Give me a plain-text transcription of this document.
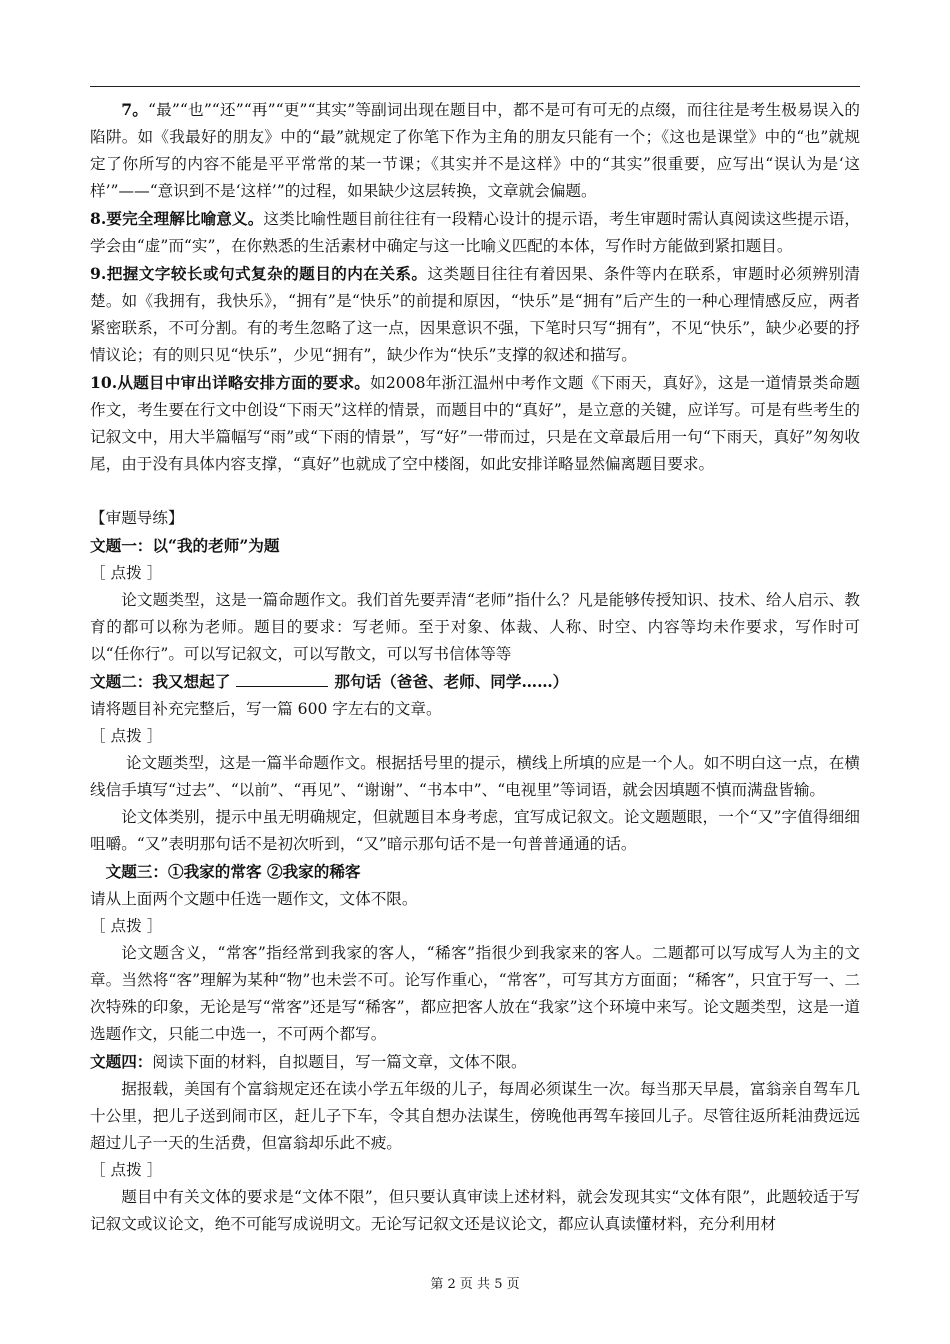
7。“最”“也”“还”“再”“更”“其实”等副词出现在题目中，都不是可有可无的点缀，而往往是考生极易误入的陷阱。如《我最好的朋友》中的“最”就规定了你笔下作为主角的朋友只能有一个；《这也是课堂》中的“也”就规定了你所写的内容不能是平平常常的某一节课；《其实并不是这样》中的“其实”很重要，应写出“误认为是‘这样’”——“意识到不是‘这样’”的过程，如果缺少这层转换，文章就会偏题。

8.要完全理解比喻意义。这类比喻性题目前往往有一段精心设计的提示语，考生审题时需认真阅读这些提示语，学会由“虚”而“实”，在你熟悉的生活素材中确定与这一比喻义匹配的本体，写作时方能做到紧扣题目。

9.把握文字较长或句式复杂的题目的内在关系。这类题目往往有着因果、条件等内在联系，审题时必须辨别清楚。如《我拥有，我快乐》，“拥有”是“快乐”的前提和原因，“快乐”是“拥有”后产生的一种心理情感反应，两者紧密联系，不可分割。有的考生忽略了这一点，因果意识不强，下笔时只写“拥有”，不见“快乐”，缺少必要的抒情议论；有的则只见“快乐”，少见“拥有”，缺少作为“快乐”支撑的叙述和描写。

10.从题目中审出详略安排方面的要求。如2008年浙江温州中考作文题《下雨天，真好》，这是一道情景类命题作文，考生要在行文中创设“下雨天”这样的情景，而题目中的“真好”，是立意的关键，应详写。可是有些考生的记叙文中，用大半篇幅写“雨”或“下雨的情景”，写“好”一带而过，只是在文章最后用一句“下雨天，真好”匆匆收尾，由于没有具体内容支撑，“真好”也就成了空中楼阁，如此安排详略显然偏离题目要求。

【审题导练】

文题一：以“我的老师”为题

［ 点拨 ］

论文题类型，这是一篇命题作文。我们首先要弄清“老师”指什么？凡是能够传授知识、技术、给人启示、教育的都可以称为老师。题目的要求：写老师。至于对象、体裁、人称、时空、内容等均未作要求，写作时可以“任你行”。可以写记叙文，可以写散文，可以写书信体等等

文题二：我又想起了	那句话（爸爸、老师、同学……）

请将题目补充完整后，写一篇 600 字左右的文章。

［ 点拨 ］

论文题类型，这是一篇半命题作文。根据括号里的提示，横线上所填的应是一个人。如不明白这一点，在横线信手填写“过去”、“以前”、“再见”、“谢谢”、“书本中”、“电视里”等词语，就会因填题不慎而满盘皆输。

论文体类别，提示中虽无明确规定，但就题目本身考虑，宜写成记叙文。论文题题眼，一个“又”字值得细细咀嚼。“又”表明那句话不是初次听到，“又”暗示那句话不是一句普普通通的话。

文题三：①我家的常客 ②我家的稀客

请从上面两个文题中任选一题作文，文体不限。

［ 点拨 ］

论文题含义，“常客”指经常到我家的客人，“稀客”指很少到我家来的客人。二题都可以写成写人为主的文章。当然将“客”理解为某种“物”也未尝不可。论写作重心，“常客”，可写其方方面面；“稀客”，只宜于写一、二次特殊的印象，无论是写“常客”还是写“稀客”，都应把客人放在“我家”这个环境中来写。论文题类型，这是一道选题作文，只能二中选一，不可两个都写。

文题四：阅读下面的材料，自拟题目，写一篇文章，文体不限。

据报载，美国有个富翁规定还在读小学五年级的儿子，每周必须谋生一次。每当那天早晨，富翁亲自驾车几十公里，把儿子送到闹市区，赶儿子下车，令其自想办法谋生，傍晚他再驾车接回儿子。尽管往返所耗油费远远超过儿子一天的生活费，但富翁却乐此不疲。

［ 点拨 ］

题目中有关文体的要求是“文体不限”，但只要认真审读上述材料，就会发现其实“文体有限”，此题较适于写记叙文或议论文，绝不可能写成说明文。无论写记叙文还是议论文，都应认真读懂材料，充分利用材

第 2 页 共 5 页
